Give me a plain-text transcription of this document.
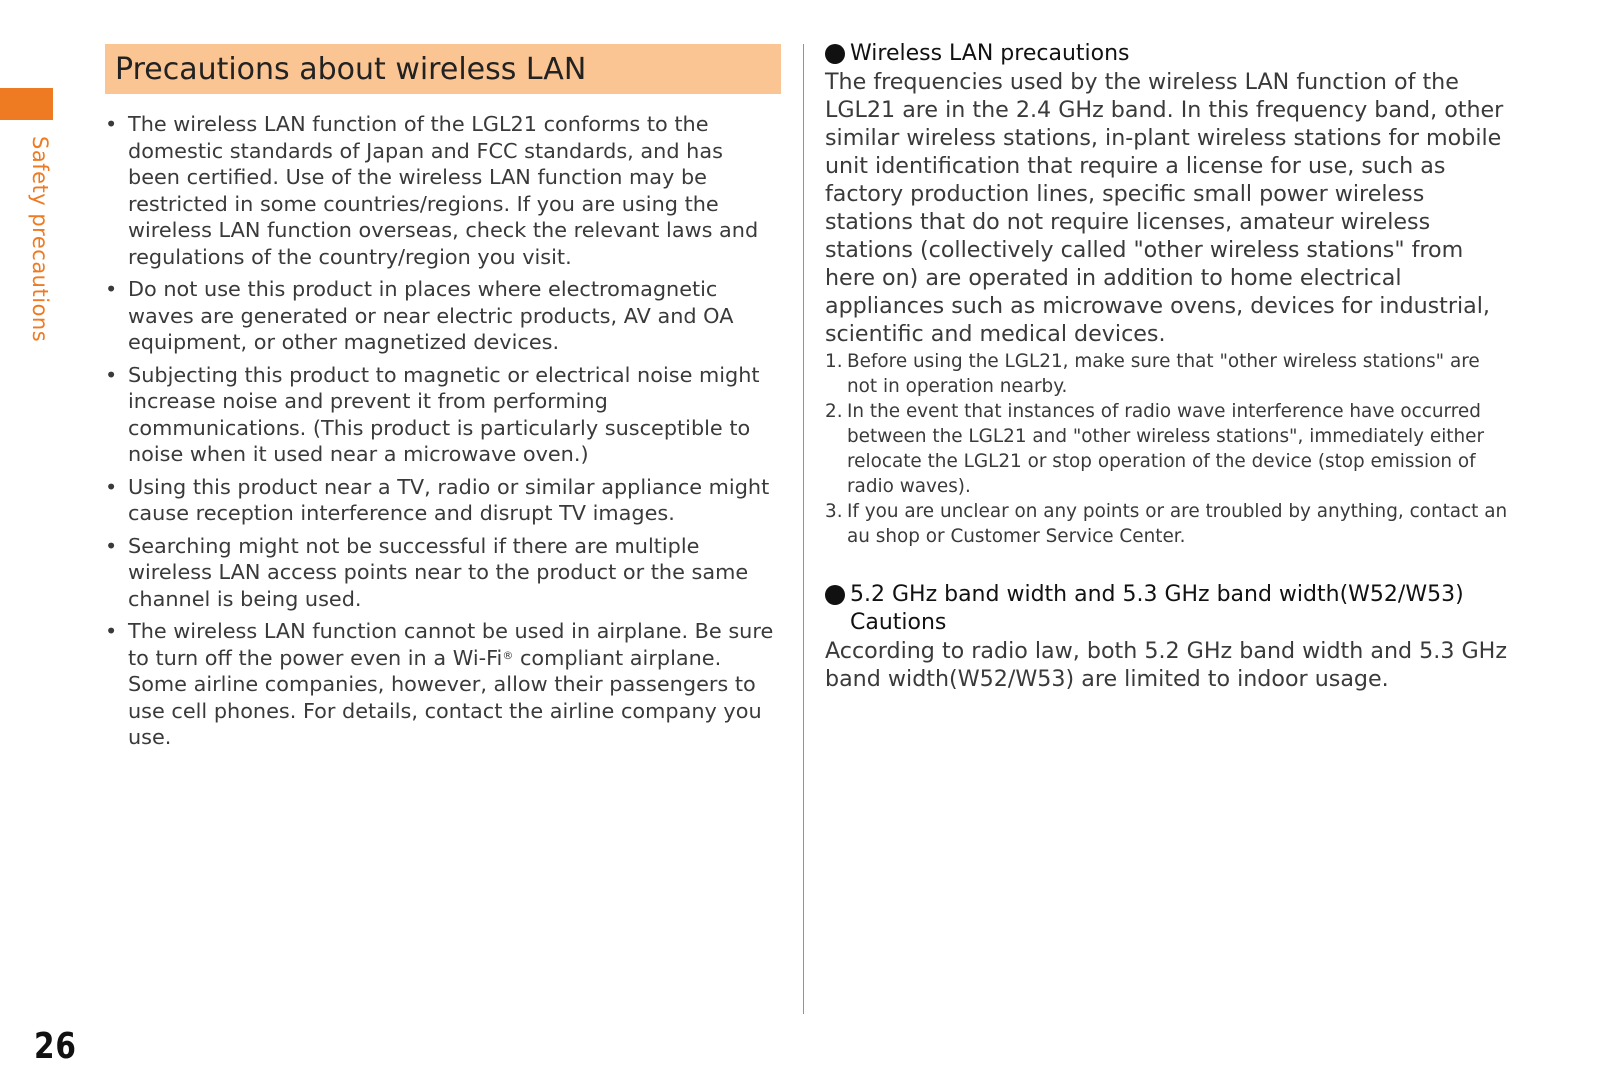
Safety precautions
26
Precautions about wireless LAN
• The wireless LAN function of the LGL21 conforms to the domestic standards of Japan and FCC standards, and has been certified. Use of the wireless LAN function may be restricted in some countries/regions. If you are using the wireless LAN function overseas, check the relevant laws and regulations of the country/region you visit.
• Do not use this product in places where electromagnetic waves are generated or near electric products, AV and OA equipment, or other magnetized devices.
• Subjecting this product to magnetic or electrical noise might increase noise and prevent it from performing communications. (This product is particularly susceptible to noise when it used near a microwave oven.)
• Using this product near a TV, radio or similar appliance might cause reception interference and disrupt TV images.
• Searching might not be successful if there are multiple wireless LAN access points near to the product or the same channel is being used.
• The wireless LAN function cannot be used in airplane. Be sure to turn off the power even in a Wi-Fi® compliant airplane. Some airline companies, however, allow their passengers to use cell phones. For details, contact the airline company you use.
Wireless LAN precautions

The frequencies used by the wireless LAN function of the LGL21 are in the 2.4 GHz band. In this frequency band, other similar wireless stations, in-plant wireless stations for mobile unit identification that require a license for use, such as factory production lines, specific small power wireless stations that do not require licenses, amateur wireless stations (collectively called "other wireless stations" from here on) are operated in addition to home electrical appliances such as microwave ovens, devices for industrial, scientific and medical devices.

1. Before using the LGL21, make sure that "other wireless stations" are not in operation nearby.
2. In the event that instances of radio wave interference have occurred between the LGL21 and "other wireless stations", immediately either relocate the LGL21 or stop operation of the device (stop emission of radio waves).
3. If you are unclear on any points or are troubled by anything, contact an au shop or Customer Service Center.
5.2 GHz band width and 5.3 GHz band width(W52/W53) Cautions

According to radio law, both 5.2 GHz band width and 5.3 GHz band width(W52/W53) are limited to indoor usage.
